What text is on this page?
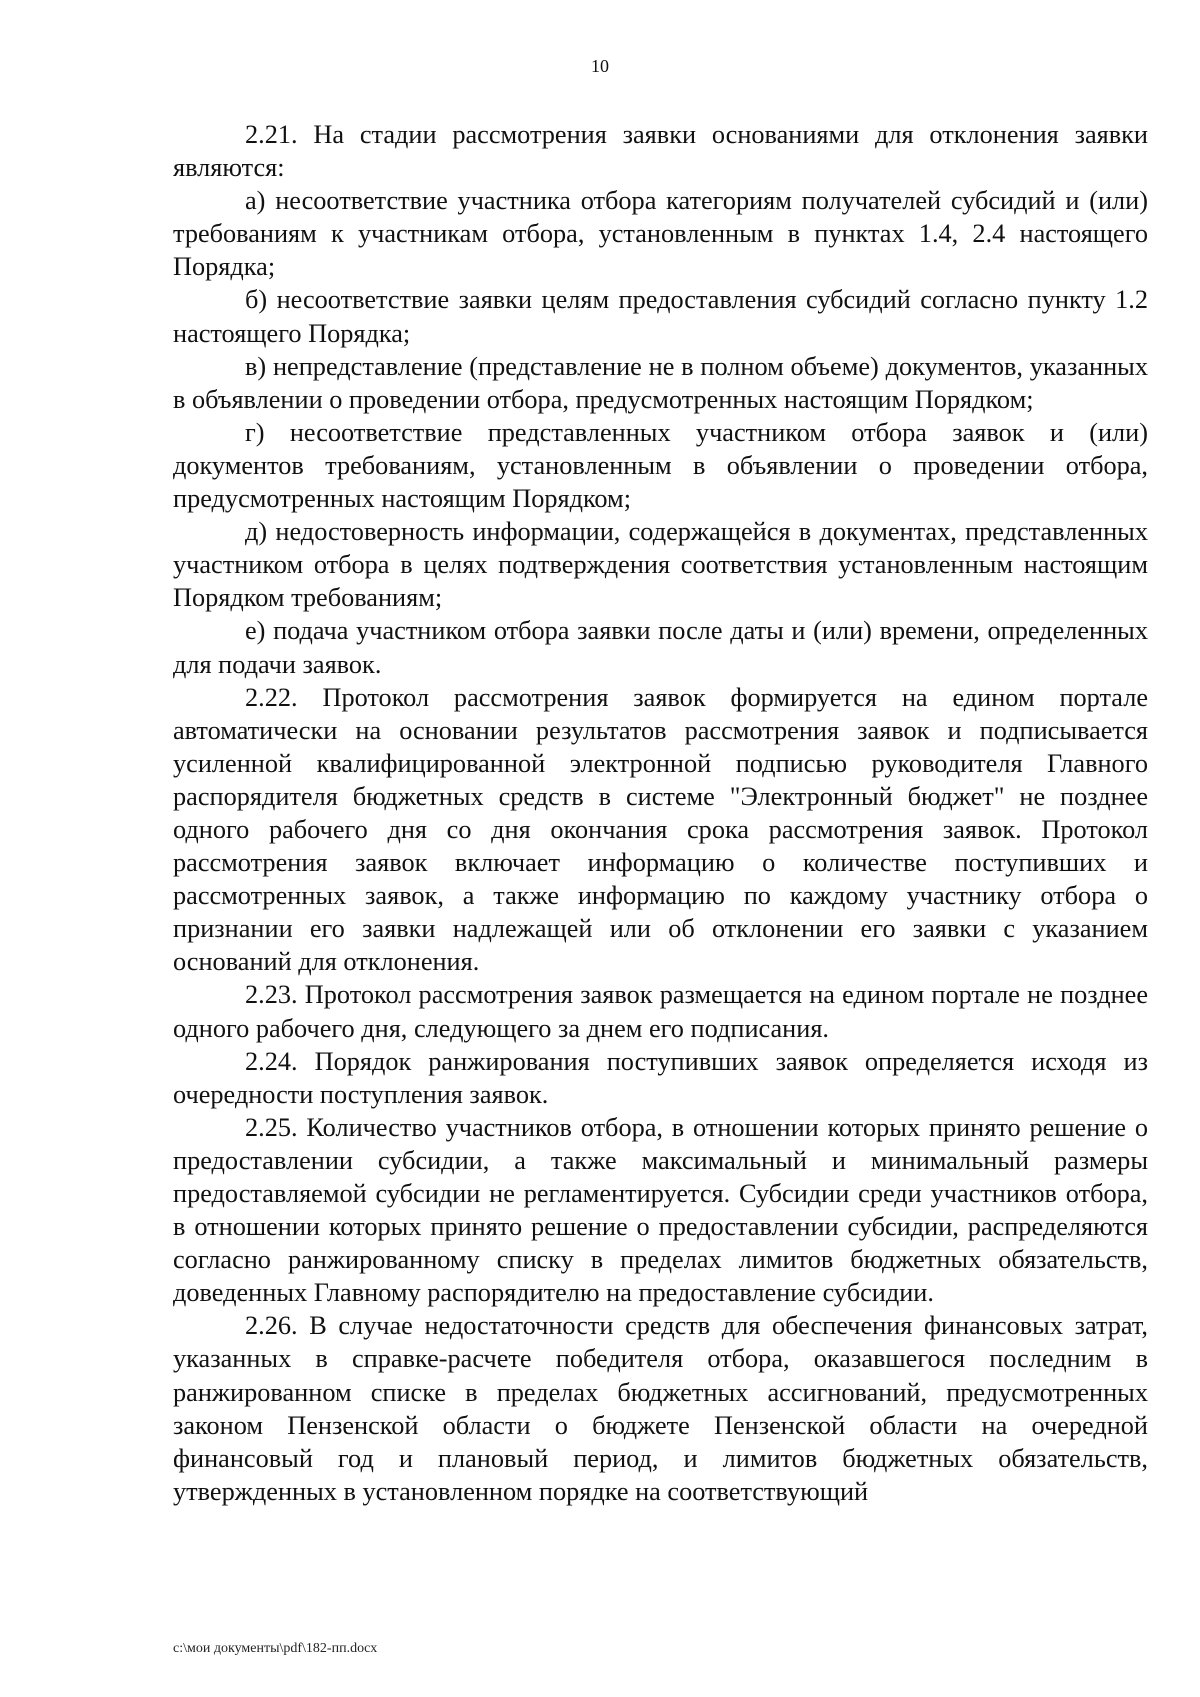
10

2.21. На стадии рассмотрения заявки основаниями для отклонения заявки являются:

а) несоответствие участника отбора категориям получателей субсидий и (или) требованиям к участникам отбора, установленным в пунктах 1.4, 2.4 настоящего Порядка;

б) несоответствие заявки целям предоставления субсидий согласно пункту 1.2 настоящего Порядка;

в) непредставление (представление не в полном объеме) документов, указанных в объявлении о проведении отбора, предусмотренных настоящим Порядком;

г) несоответствие представленных участником отбора заявок и (или) документов требованиям, установленным в объявлении о проведении отбора, предусмотренных настоящим Порядком;

д) недостоверность информации, содержащейся в документах, представленных участником отбора в целях подтверждения соответствия установленным настоящим Порядком требованиям;

е) подача участником отбора заявки после даты и (или) времени, определенных для подачи заявок.

2.22. Протокол рассмотрения заявок формируется на едином портале автоматически на основании результатов рассмотрения заявок и подписывается усиленной квалифицированной электронной подписью руководителя Главного распорядителя бюджетных средств в системе "Электронный бюджет" не позднее одного рабочего дня со дня окончания срока рассмотрения заявок. Протокол рассмотрения заявок включает информацию о количестве поступивших и рассмотренных заявок, а также информацию по каждому участнику отбора о признании его заявки надлежащей или об отклонении его заявки с указанием оснований для отклонения.

2.23. Протокол рассмотрения заявок размещается на едином портале не позднее одного рабочего дня, следующего за днем его подписания.

2.24. Порядок ранжирования поступивших заявок определяется исходя из очередности поступления заявок.

2.25. Количество участников отбора, в отношении которых принято решение о предоставлении субсидии, а также максимальный и минимальный размеры предоставляемой субсидии не регламентируется. Субсидии среди участников отбора, в отношении которых принято решение о предоставлении субсидии, распределяются согласно ранжированному списку в пределах лимитов бюджетных обязательств, доведенных Главному распорядителю на предоставление субсидии.

2.26. В случае недостаточности средств для обеспечения финансовых затрат, указанных в справке-расчете победителя отбора, оказавшегося последним в ранжированном списке в пределах бюджетных ассигнований, предусмотренных законом Пензенской области о бюджете Пензенской области на очередной финансовый год и плановый период, и лимитов бюджетных обязательств, утвержденных в установленном порядке на соответствующий

c:\мои документы\pdf\182-пп.docx
